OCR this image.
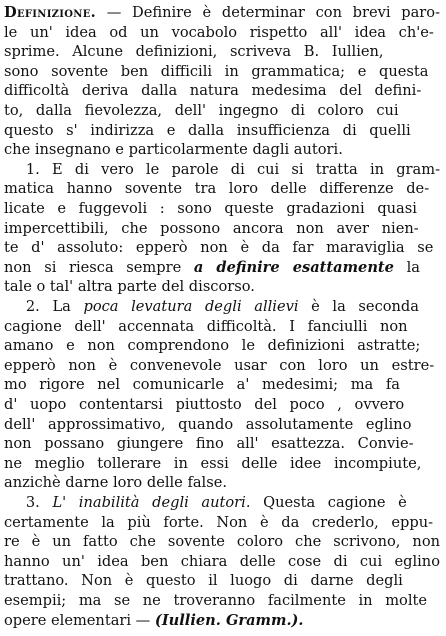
Definizione. — Definire è determinar con brevi paro-
le un' idea od un vocabolo rispetto all' idea ch'e-
sprime. Alcune definizioni, scriveva B. Iullien,
sono sovente ben difficili in grammatica; e questa
difficoltà deriva dalla natura medesima del defini-
to, dalla fievolezza, dell' ingegno di coloro cui
questo s' indirizza e dalla insufficienza di quelli
che insegnano e particolarmente dagli autori.
  1. E di vero le parole di cui si tratta in gram-
matica hanno sovente tra loro delle differenze de-
licate e fuggevoli : sono queste gradazioni quasi
impercettibili, che possono ancora non aver nien-
te d' assoluto: epperò non è da far maraviglia se
non si riesca sempre a definire esattamente la
tale o tal' altra parte del discorso.
  2. La poca levatura degli allievi è la seconda
cagione dell' accennata difficoltà. I fanciulli non
amano e non comprendono le definizioni astratte;
epperò non è convenevole usar con loro un estre-
mo rigore nel comunicarle a' medesimi; ma fa
d' uopo contentarsi piuttosto del poco , ovvero
dell' approssimativo, quando assolutamente eglino
non possano giungere fino all' esattezza. Convie-
ne meglio tollerare in essi delle idee incompiute,
anzichè darne loro delle false.
  3. L' inabilità degli autori. Questa cagione è
certamente la più forte. Non è da crederlo, eppu-
re è un fatto che sovente coloro che scrivono, non
hanno un' idea ben chiara delle cose di cui eglino
trattano. Non è questo il luogo di darne degli
esempii; ma se ne troveranno facilmente in molte
opere elementari — (Iullien. Gramm.).
